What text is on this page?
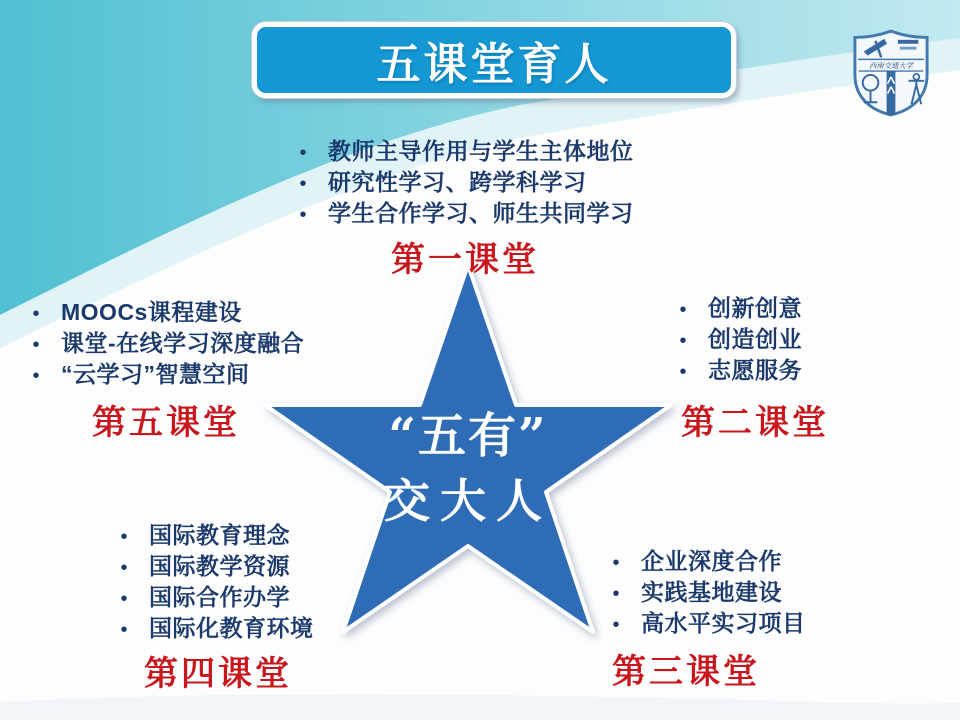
五课堂育人	西南交通大学
“五有”
交大人
• 教师主导作用与学生主体地位
• 研究性学习、跨学科学习
• 学生合作学习、师生共同学习
第一课堂
• 创新创意
• 创造创业
• 志愿服务
第二课堂
• 企业深度合作
• 实践基地建设
• 高水平实习项目
第三课堂
• 国际教育理念
• 国际教学资源
• 国际合作办学
• 国际化教育环境
第四课堂
• MOOCs课程建设
• 课堂-在线学习深度融合
• “云学习”智慧空间
第五课堂
